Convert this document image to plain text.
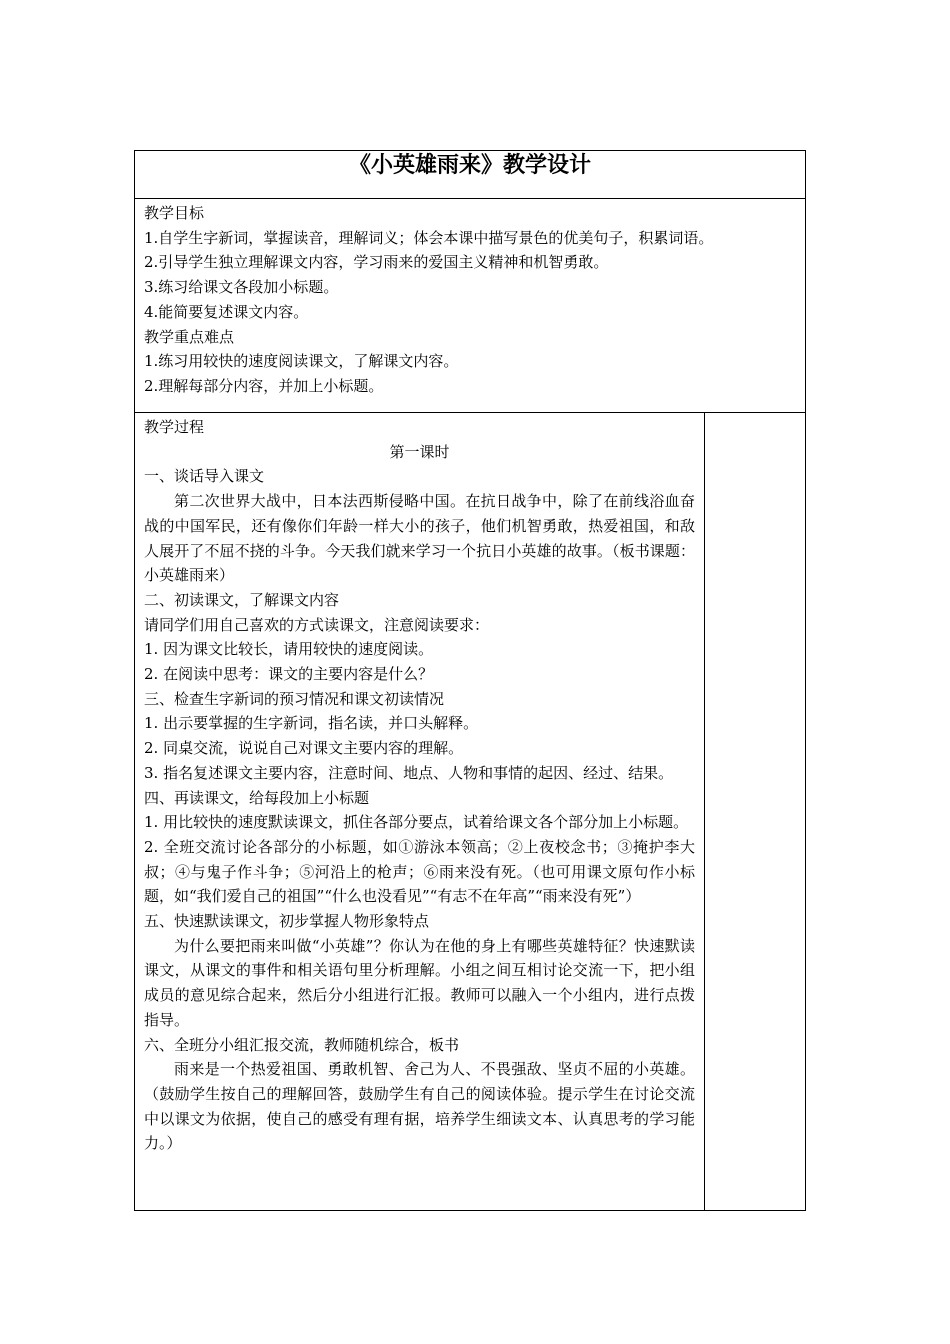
《小英雄雨来》教学设计

教学目标
1.自学生字新词，掌握读音，理解词义；体会本课中描写景色的优美句子，积累词语。
2.引导学生独立理解课文内容，学习雨来的爱国主义精神和机智勇敢。
3.练习给课文各段加小标题。
4.能简要复述课文内容。
教学重点难点
1.练习用较快的速度阅读课文，了解课文内容。
2.理解每部分内容，并加上小标题。

教学过程
第一课时
一、谈话导入课文
第二次世界大战中，日本法西斯侵略中国。在抗日战争中，除了在前线浴血奋战的中国军民，还有像你们年龄一样大小的孩子，他们机智勇敢，热爱祖国，和敌人展开了不屈不挠的斗争。今天我们就来学习一个抗日小英雄的故事。（板书课题：小英雄雨来）
二、初读课文，了解课文内容
请同学们用自己喜欢的方式读课文，注意阅读要求：
1. 因为课文比较长，请用较快的速度阅读。
2. 在阅读中思考：课文的主要内容是什么？
三、检查生字新词的预习情况和课文初读情况
1. 出示要掌握的生字新词，指名读，并口头解释。
2. 同桌交流，说说自己对课文主要内容的理解。
3. 指名复述课文主要内容，注意时间、地点、人物和事情的起因、经过、结果。
四、再读课文，给每段加上小标题
1. 用比较快的速度默读课文，抓住各部分要点，试着给课文各个部分加上小标题。
2. 全班交流讨论各部分的小标题，如①游泳本领高；②上夜校念书；③掩护李大叔；④与鬼子作斗争；⑤河沿上的枪声；⑥雨来没有死。（也可用课文原句作小标题，如“我们爱自己的祖国”“什么也没看见”“有志不在年高”“雨来没有死”）
五、快速默读课文，初步掌握人物形象特点
为什么要把雨来叫做“小英雄”？你认为在他的身上有哪些英雄特征？快速默读课文，从课文的事件和相关语句里分析理解。小组之间互相讨论交流一下，把小组成员的意见综合起来，然后分小组进行汇报。教师可以融入一个小组内，进行点拨指导。
六、全班分小组汇报交流，教师随机综合，板书
雨来是一个热爱祖国、勇敢机智、舍己为人、不畏强敌、坚贞不屈的小英雄。（鼓励学生按自己的理解回答，鼓励学生有自己的阅读体验。提示学生在讨论交流中以课文为依据，使自己的感受有理有据，培养学生细读文本、认真思考的学习能力。）
